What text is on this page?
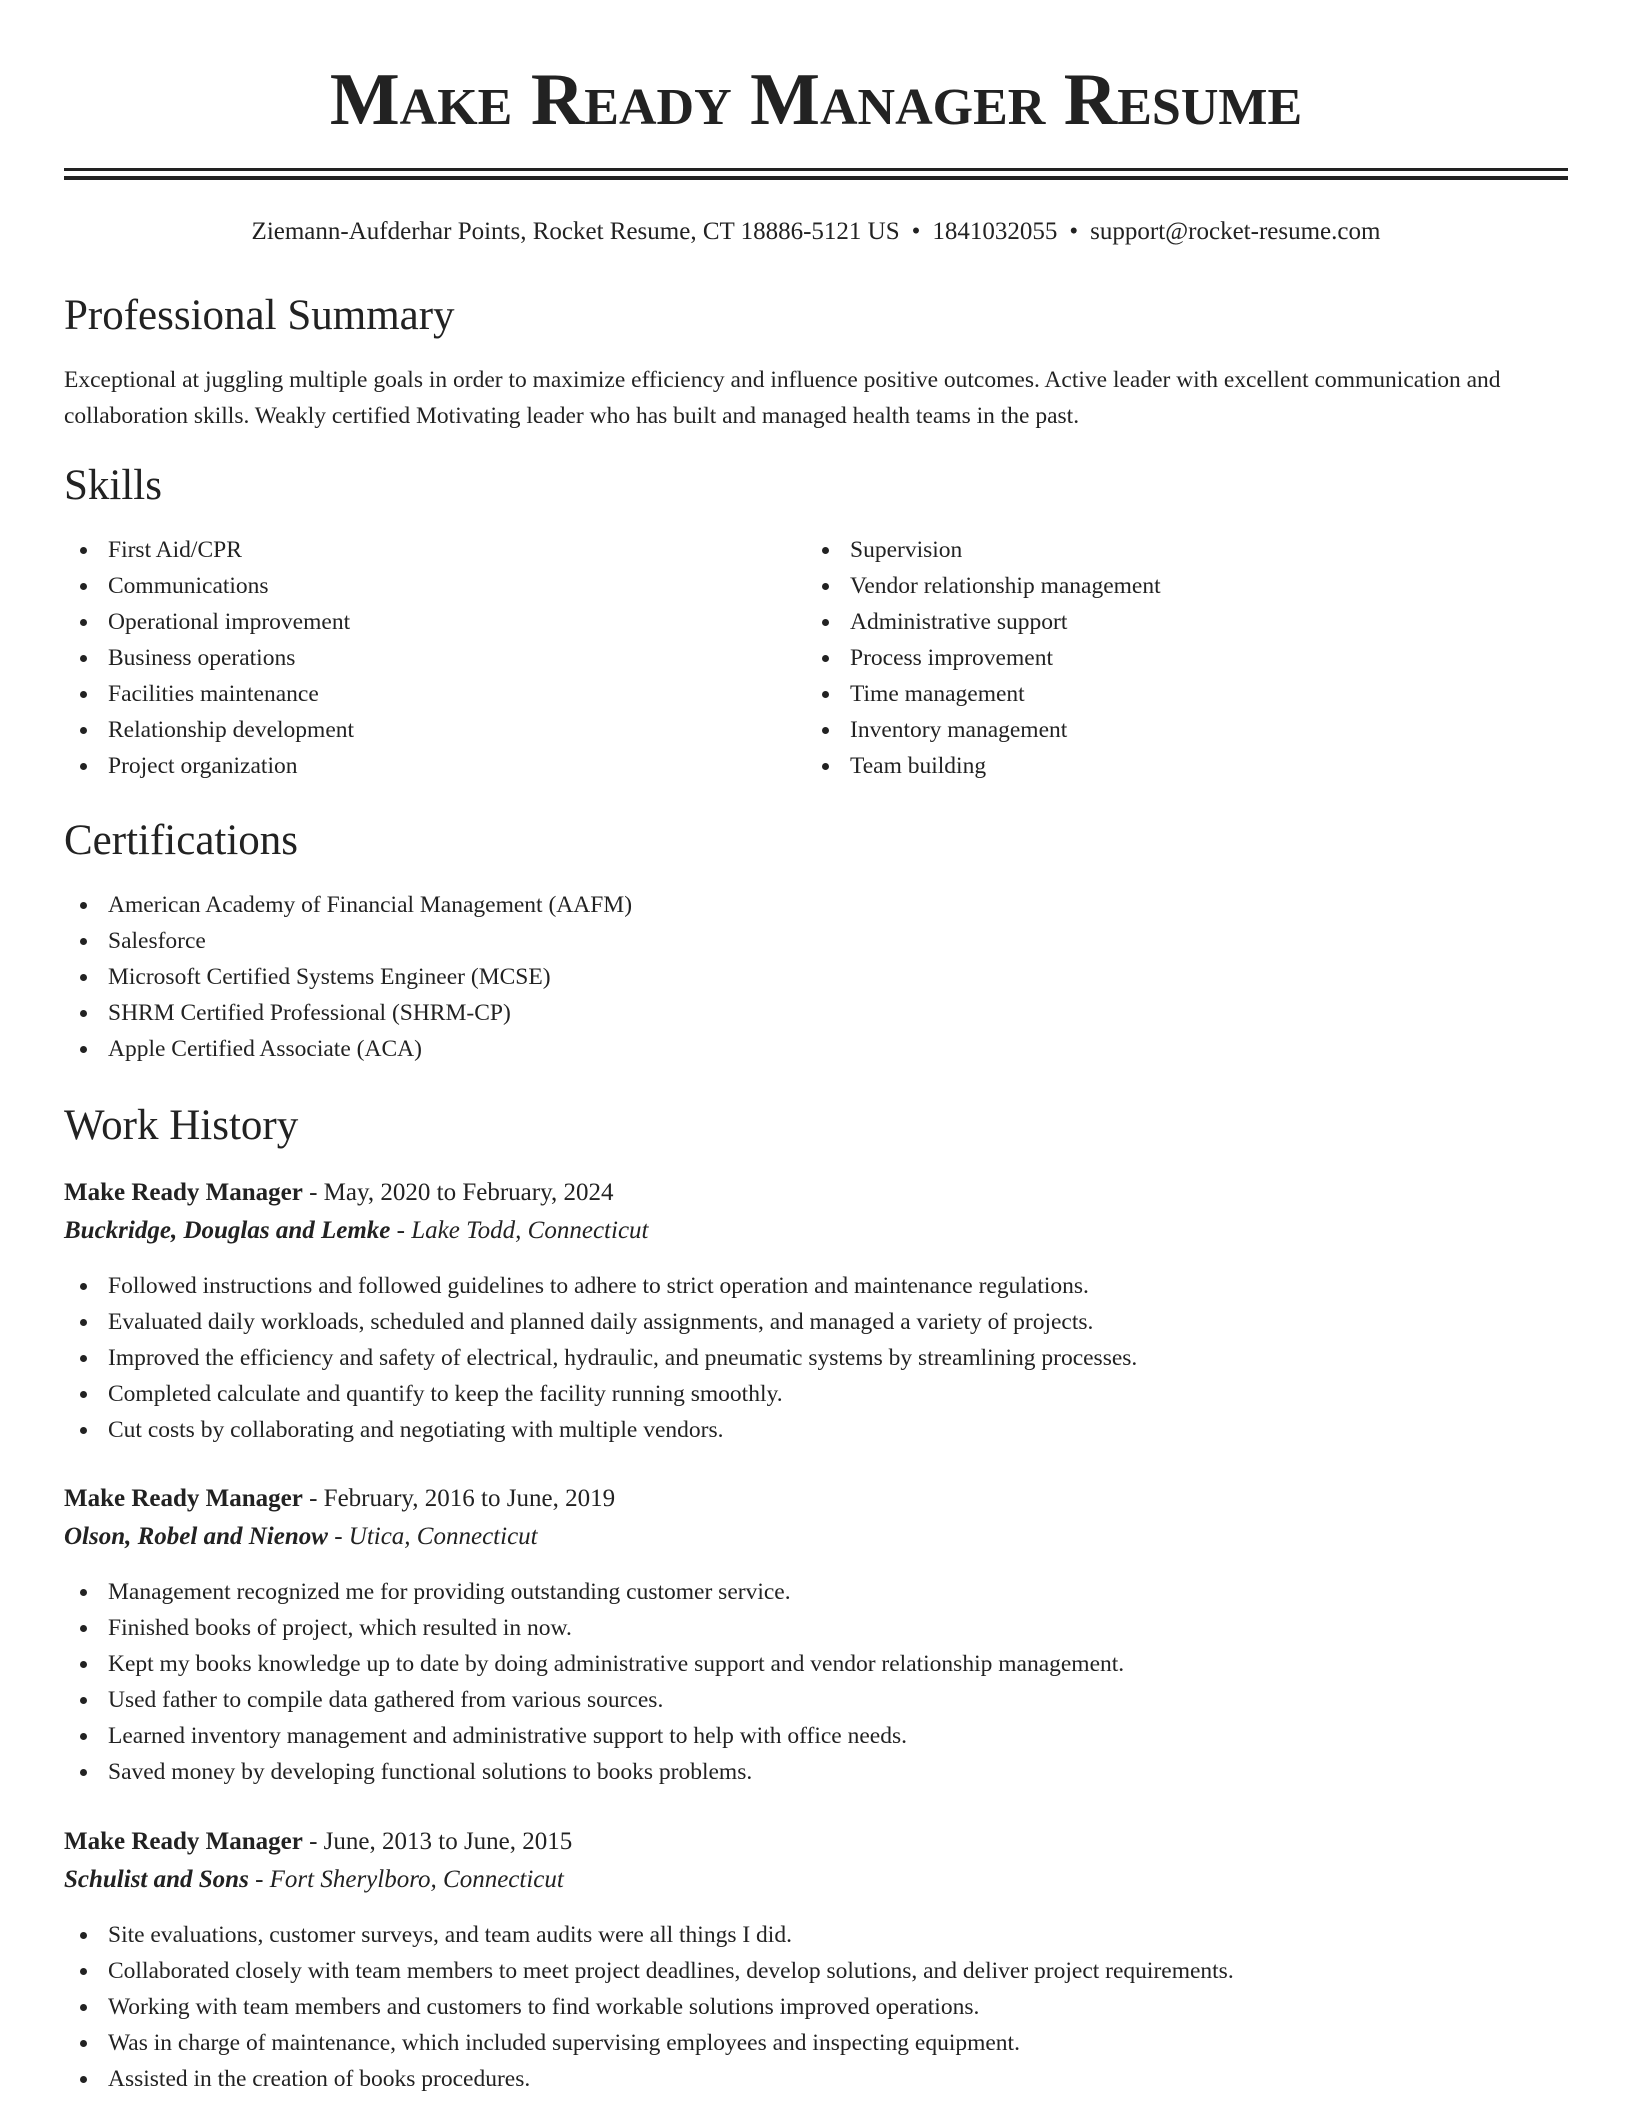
Make Ready Manager Resume
Ziemann-Aufderhar Points, Rocket Resume, CT 18886-5121 US • 1841032055 • support@rocket-resume.com
Professional Summary

Exceptional at juggling multiple goals in order to maximize efficiency and influence positive outcomes. Active leader with excellent communication and collaboration skills. Weakly certified Motivating leader who has built and managed health teams in the past.

Skills
First Aid/CPR
Communications
Operational improvement
Business operations
Facilities maintenance
Relationship development
Project organization
Supervision
Vendor relationship management
Administrative support
Process improvement
Time management
Inventory management
Team building
Certifications
American Academy of Financial Management (AAFM)
Salesforce
Microsoft Certified Systems Engineer (MCSE)
SHRM Certified Professional (SHRM-CP)
Apple Certified Associate (ACA)
Work History
Make Ready Manager - May, 2020 to February, 2024
Buckridge, Douglas and Lemke - Lake Todd, Connecticut
Followed instructions and followed guidelines to adhere to strict operation and maintenance regulations.
Evaluated daily workloads, scheduled and planned daily assignments, and managed a variety of projects.
Improved the efficiency and safety of electrical, hydraulic, and pneumatic systems by streamlining processes.
Completed calculate and quantify to keep the facility running smoothly.
Cut costs by collaborating and negotiating with multiple vendors.
Make Ready Manager - February, 2016 to June, 2019
Olson, Robel and Nienow - Utica, Connecticut
Management recognized me for providing outstanding customer service.
Finished books of project, which resulted in now.
Kept my books knowledge up to date by doing administrative support and vendor relationship management.
Used father to compile data gathered from various sources.
Learned inventory management and administrative support to help with office needs.
Saved money by developing functional solutions to books problems.
Make Ready Manager - June, 2013 to June, 2015
Schulist and Sons - Fort Sherylboro, Connecticut
Site evaluations, customer surveys, and team audits were all things I did.
Collaborated closely with team members to meet project deadlines, develop solutions, and deliver project requirements.
Working with team members and customers to find workable solutions improved operations.
Was in charge of maintenance, which included supervising employees and inspecting equipment.
Assisted in the creation of books procedures.
